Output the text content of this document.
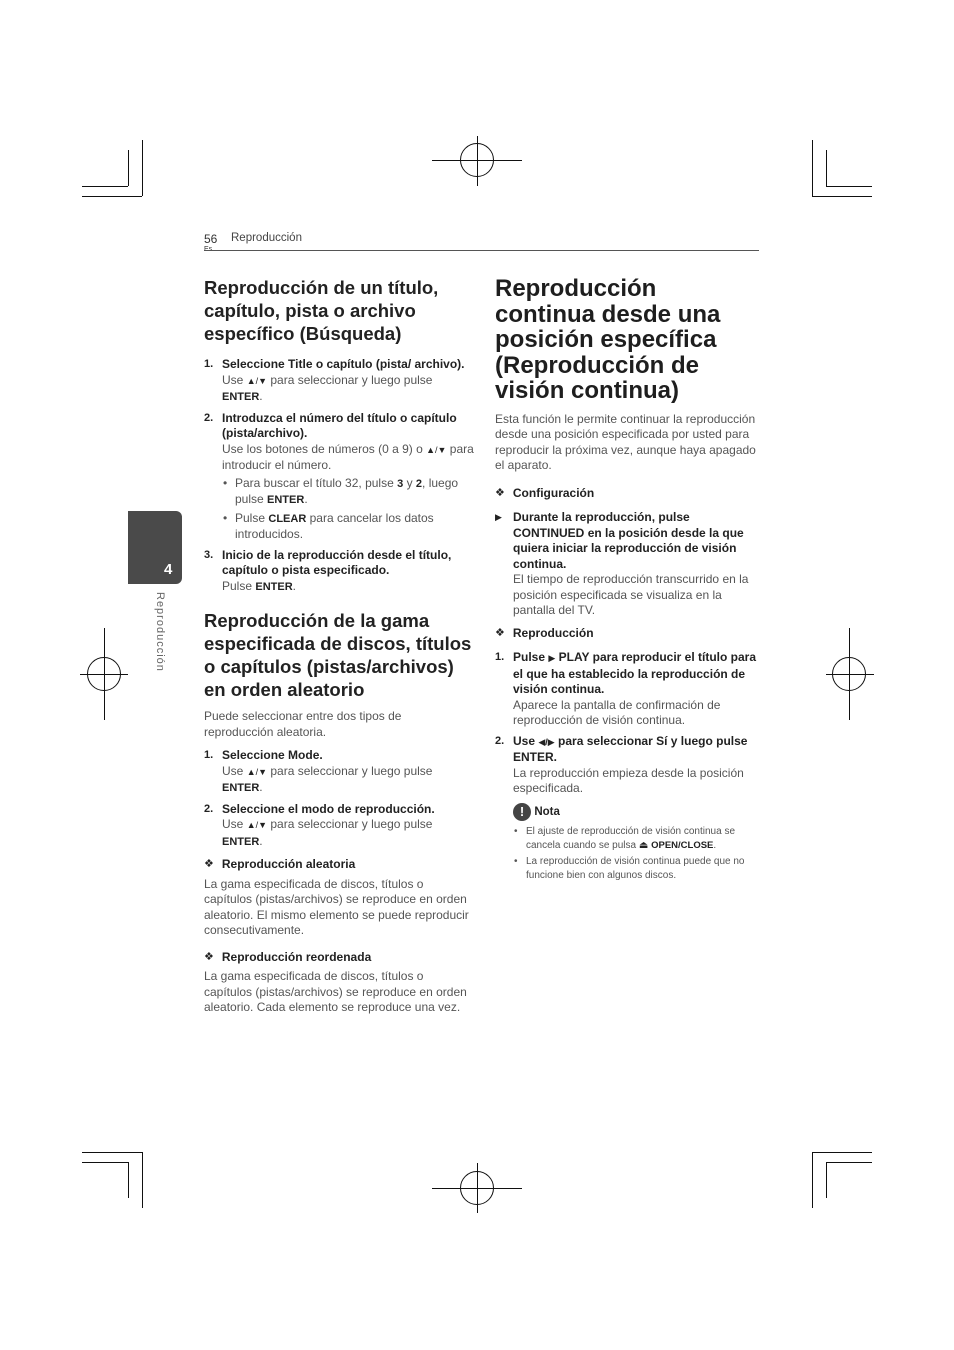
56 Reproducción
4
Reproducción
Reproducción de un título, capítulo, pista o archivo específico (Búsqueda)
1. Seleccione Title o capítulo (pista/ archivo).

Use ▲/▼ para seleccionar y luego pulse ENTER.

2. Introduzca el número del título o capítulo (pista/archivo).

Use los botones de números (0 a 9) o ▲/▼ para introducir el número.

• Para buscar el título 32, pulse 3 y 2, luego pulse ENTER.
• Pulse CLEAR para cancelar los datos introducidos.
3. Inicio de la reproducción desde el título, capítulo o pista especificado.

Pulse ENTER.

Reproducción de la gama especificada de discos, títulos o capítulos (pistas/archivos) en orden aleatorio

Puede seleccionar entre dos tipos de reproducción aleatoria.

1. Seleccione Mode.

Use ▲/▼ para seleccionar y luego pulse ENTER.

2. Seleccione el modo de reproducción.

Use ▲/▼ para seleccionar y luego pulse ENTER.

❖ Reproducción aleatoria

La gama especificada de discos, títulos o capítulos (pistas/archivos) se reproduce en orden aleatorio. El mismo elemento se puede reproducir consecutivamente.

❖ Reproducción reordenada

La gama especificada de discos, títulos o capítulos (pistas/archivos) se reproduce en orden aleatorio. Cada elemento se reproduce una vez.

Reproducción continua desde una posición específica (Reproducción de visión continua)

Esta función le permite continuar la reproducción desde una posición especificada por usted para reproducir la próxima vez, aunque haya apagado el aparato.

❖ Configuración
▶ Durante la reproducción, pulse CONTINUED en la posición desde la que quiera iniciar la reproducción de visión continua.

El tiempo de reproducción transcurrido en la posición especificada se visualiza en la pantalla del TV.

❖ Reproducción
1. Pulse ▶ PLAY para reproducir el título para el que ha establecido la reproducción de visión continua.

Aparece la pantalla de confirmación de reproducción de visión continua.

2. Use ◀/▶ para seleccionar Sí y luego pulse ENTER.

La reproducción empieza desde la posición especificada.

! Nota
• El ajuste de reproducción de visión continua se cancela cuando se pulsa ⏏ OPEN/CLOSE.
• La reproducción de visión continua puede que no funcione bien con algunos discos.
